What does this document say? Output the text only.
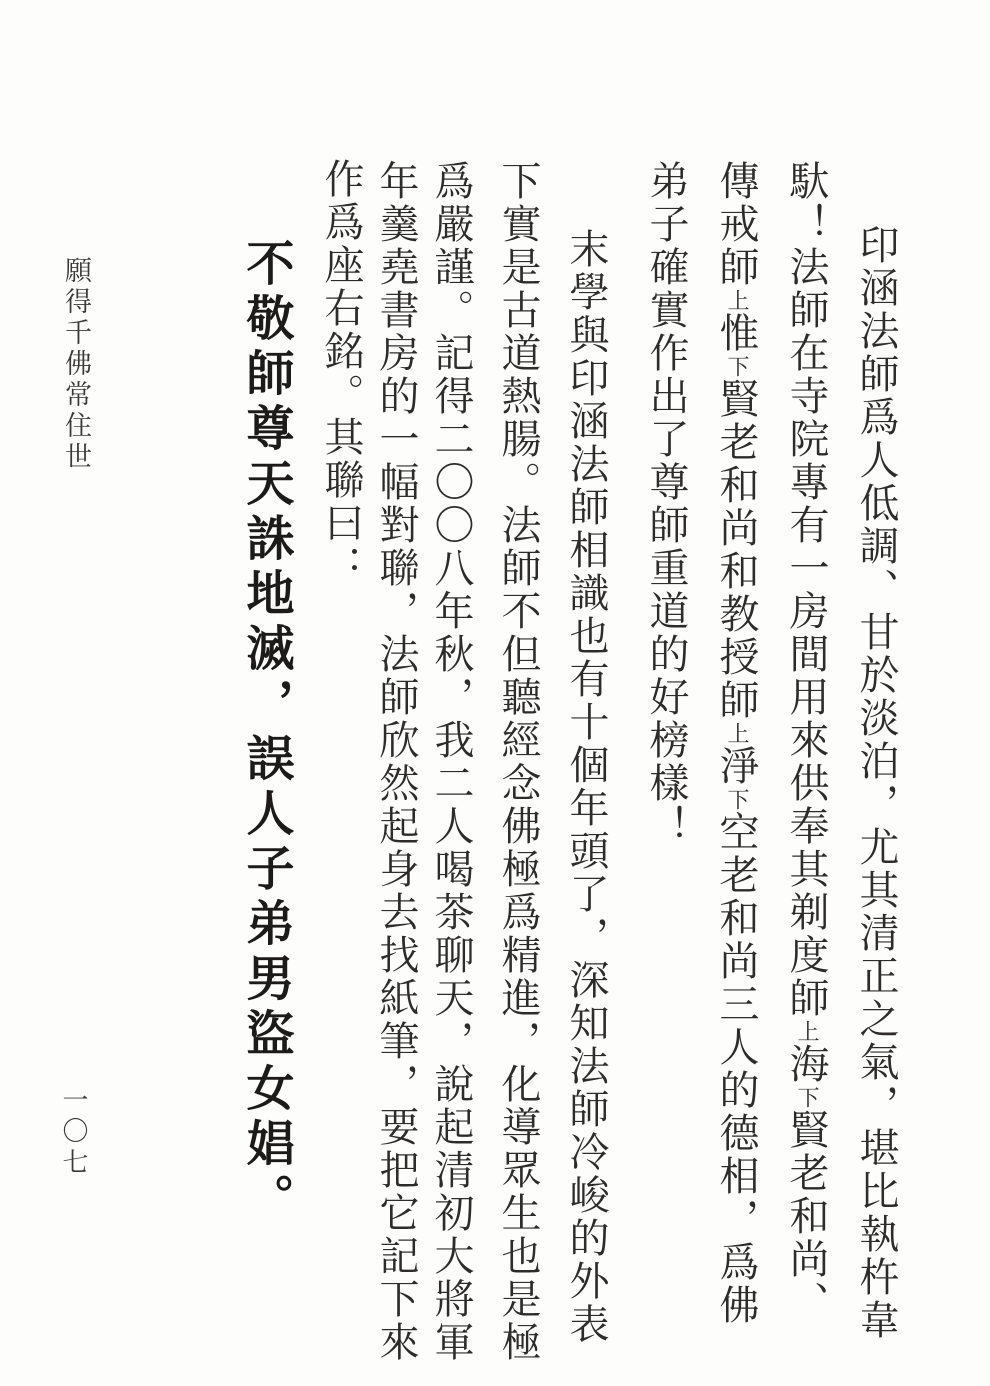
印涵法師爲人低調、甘於淡泊，尤其清正之氣，堪比執杵韋
馱！法師在寺院專有一房間用來供奉其剃度師上海下賢老和尚、
傳戒師上惟下賢老和尚和教授師上淨下空老和尚三人的德相，爲佛
弟子確實作出了尊師重道的好榜樣！
末學與印涵法師相識也有十個年頭了，深知法師冷峻的外表
下實是古道熱腸。法師不但聽經念佛極爲精進，化導眾生也是極
爲嚴謹。記得二〇〇八年秋，我二人喝茶聊天，說起清初大將軍
年羹堯書房的一幅對聯，法師欣然起身去找紙筆，要把它記下來
作爲座右銘。其聯曰：
不敬師尊天誅地滅，誤人子弟男盜女娼。
願得千佛常住世
一〇七
